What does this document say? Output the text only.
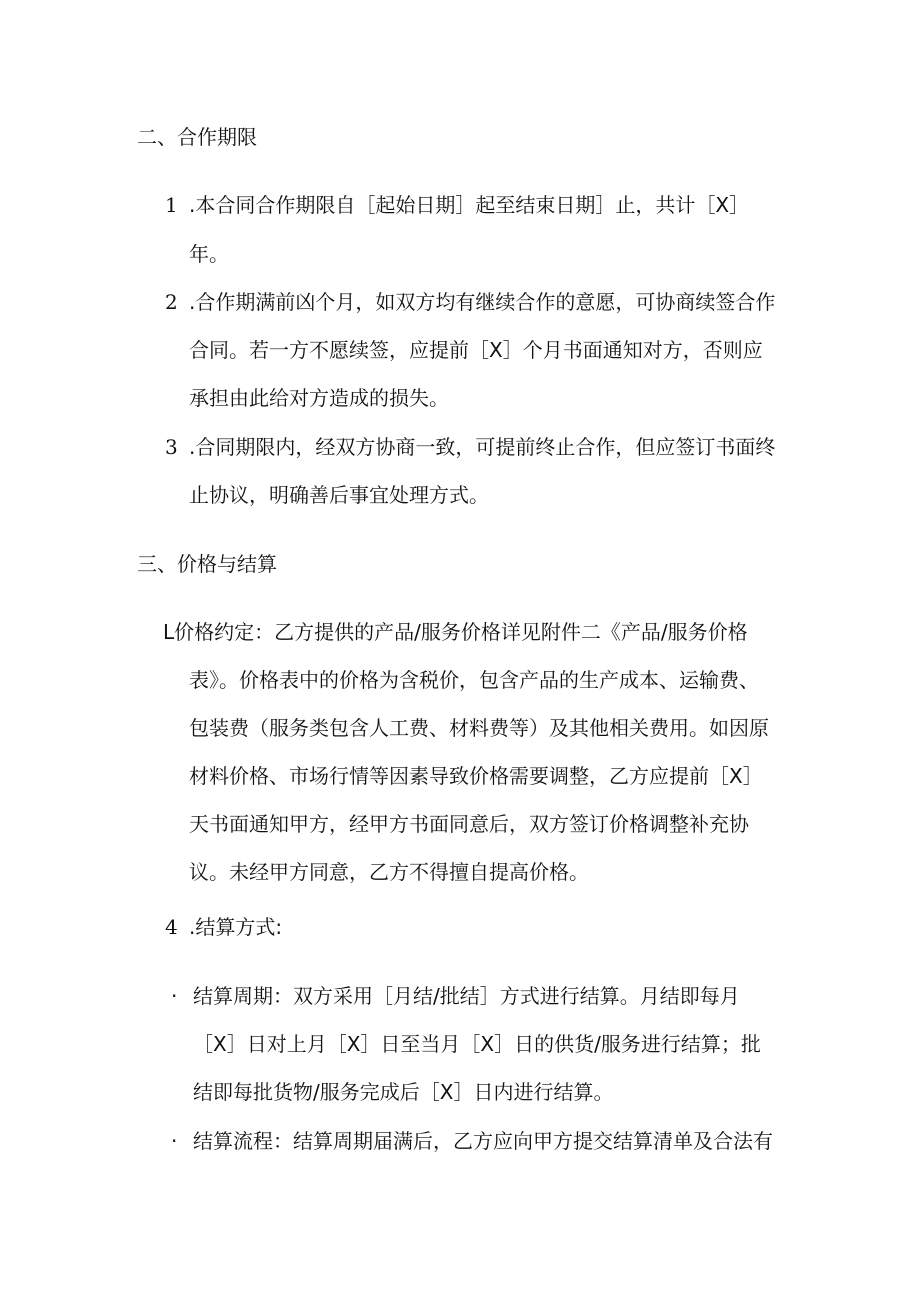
二、合作期限
1 .本合同合作期限自［起始日期］起至结束日期］止，共计［X］
年。
2 .合作期满前凶个月，如双方均有继续合作的意愿，可协商续签合作
合同。若一方不愿续签，应提前［X］个月书面通知对方，否则应
承担由此给对方造成的损失。
3 .合同期限内，经双方协商一致，可提前终止合作，但应签订书面终
止协议，明确善后事宜处理方式。
三、价格与结算
L价格约定：乙方提供的产品/服务价格详见附件二《产品/服务价格
表》。价格表中的价格为含税价，包含产品的生产成本、运输费、
包装费（服务类包含人工费、材料费等）及其他相关费用。如因原
材料价格、市场行情等因素导致价格需要调整，乙方应提前［X］
天书面通知甲方，经甲方书面同意后，双方签订价格调整补充协
议。未经甲方同意，乙方不得擅自提高价格。
4 .结算方式:
· 结算周期：双方采用［月结/批结］方式进行结算。月结即每月
［X］日对上月［X］日至当月［X］日的供货/服务进行结算；批
结即每批货物/服务完成后［X］日内进行结算。
· 结算流程：结算周期届满后，乙方应向甲方提交结算清单及合法有
